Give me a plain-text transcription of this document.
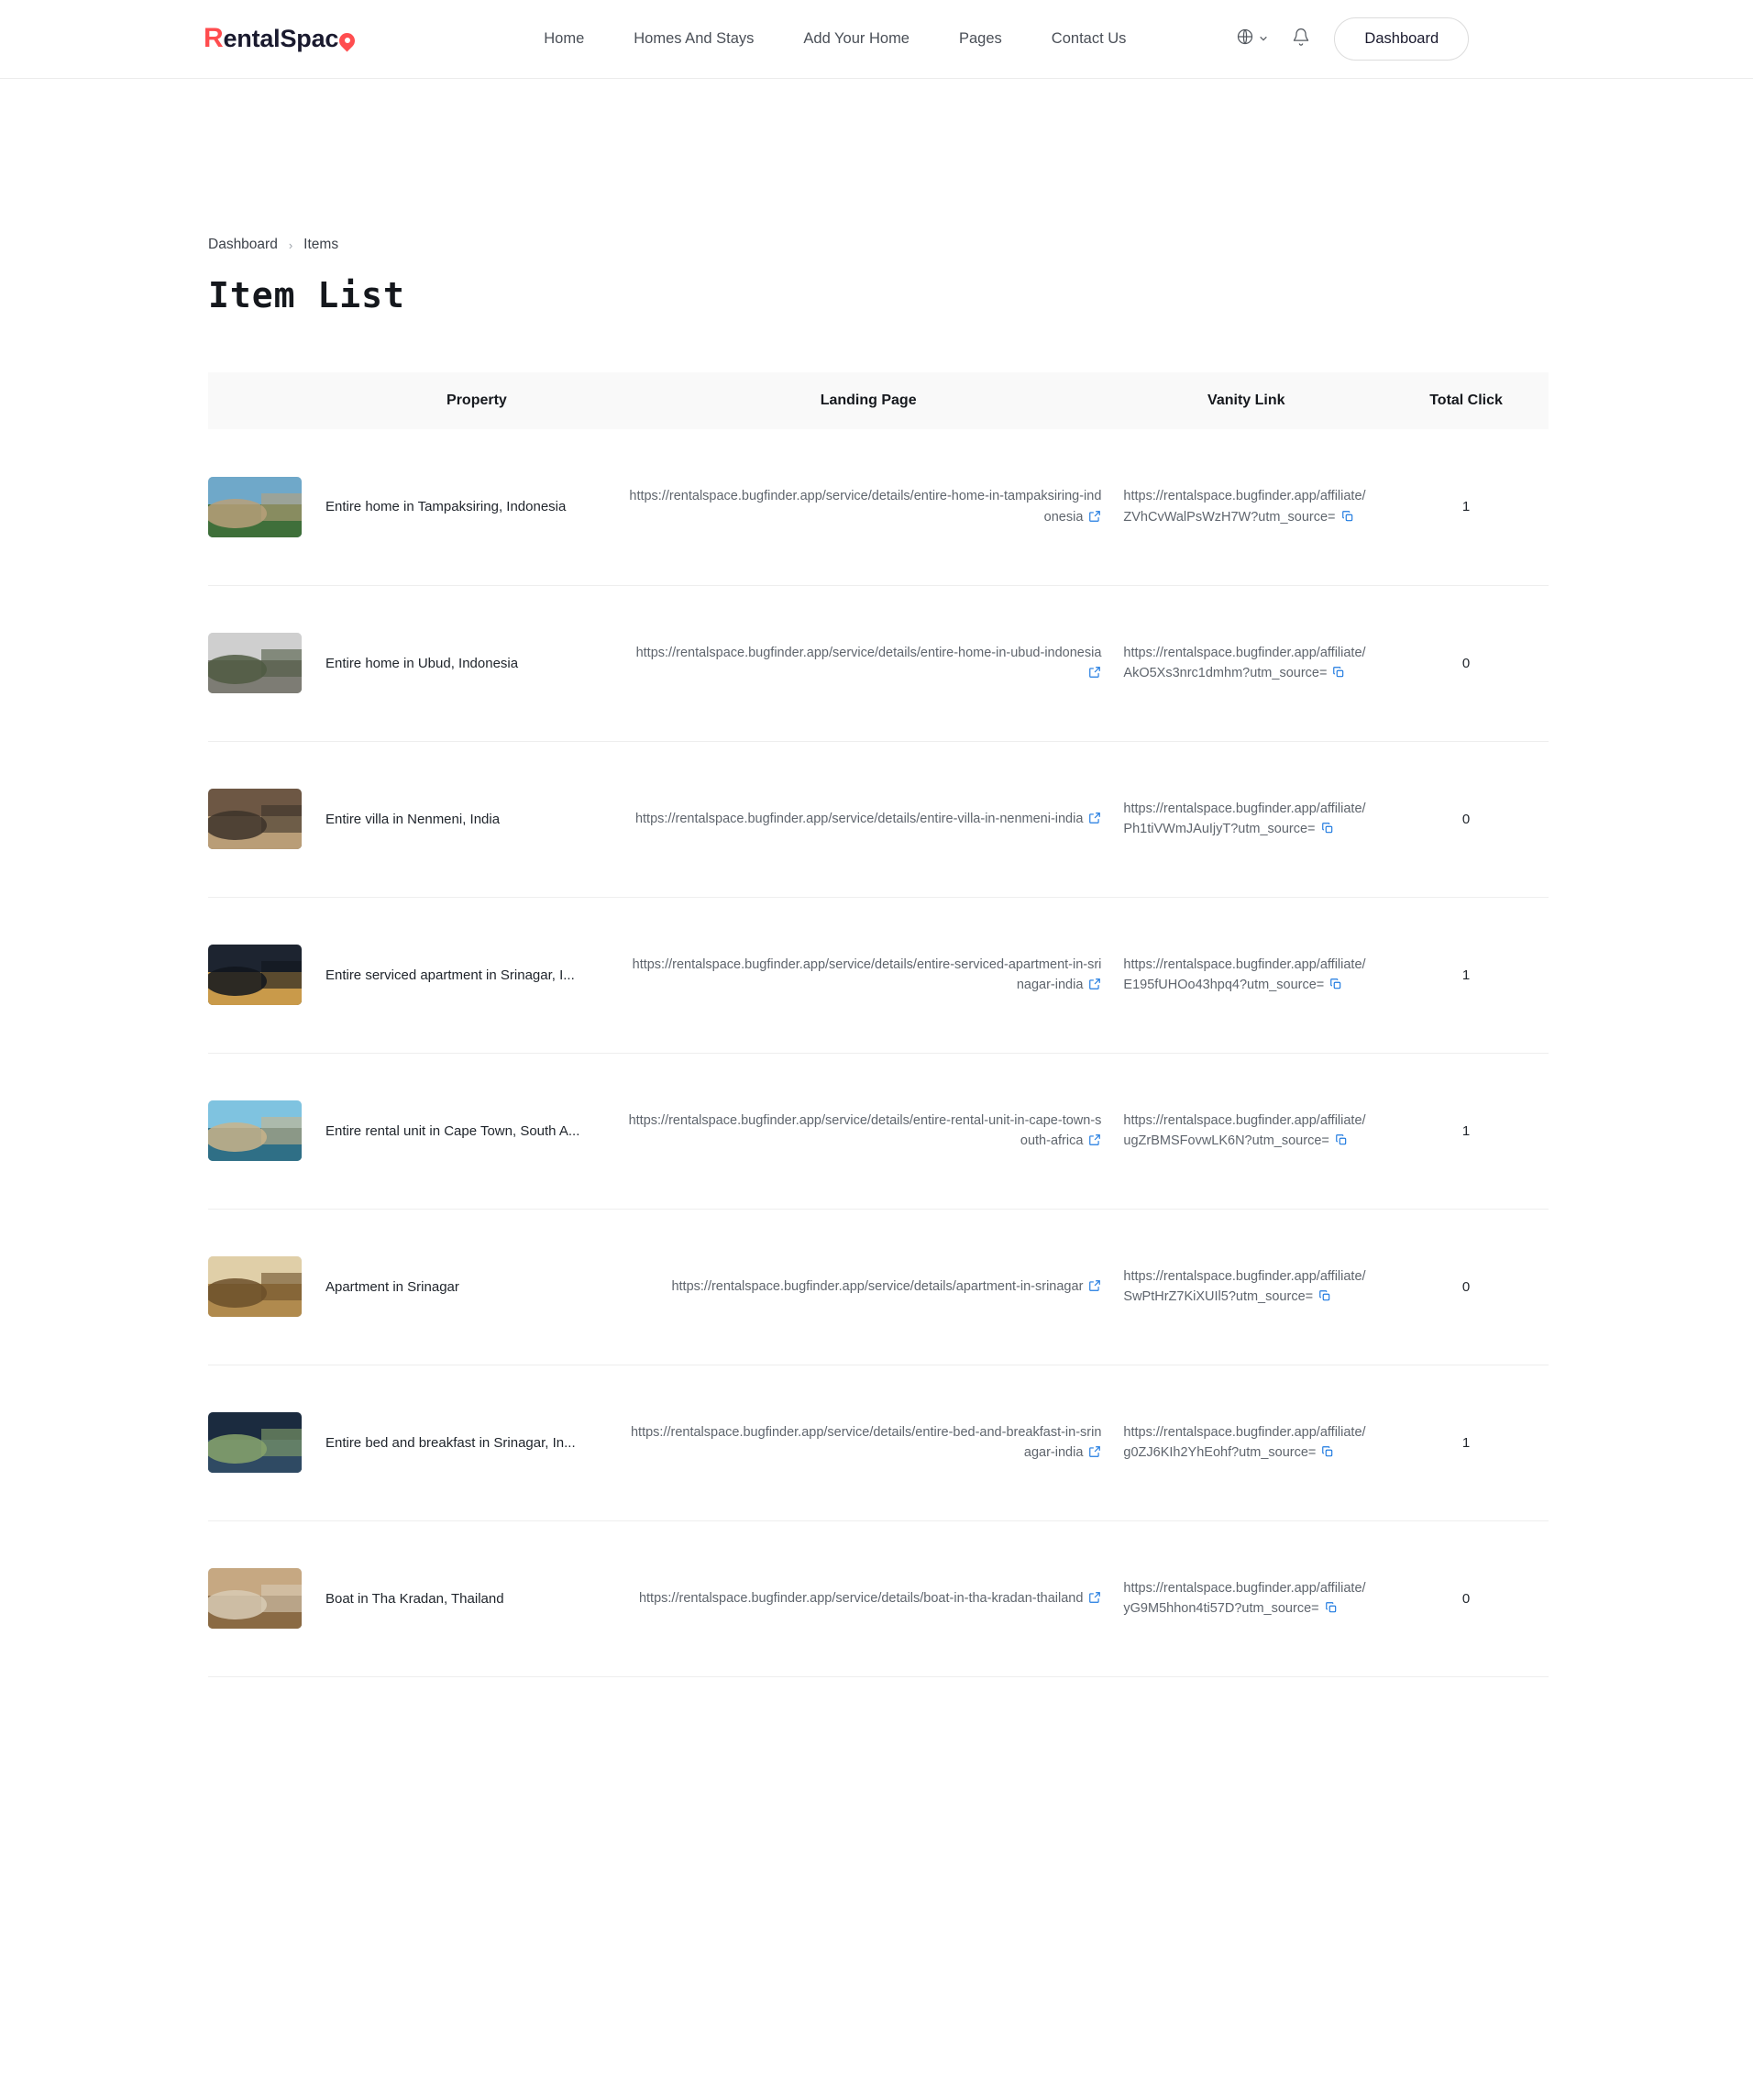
R entalSpac	Home	Homes And Stays	Add Your Home	Pages	Contact Us	Dashboard
Dashboard › Items
Item List
	Property	Landing Page	Vanity Link	Total Click

Entire home in Tampaksiring, Indonesia	https://rentalspace.bugfinder.app/service/details/entire-home-in-tampaksiring-indonesia	https://rentalspace.bugfinder.app/affiliate/ZVhCvWalPsWzH7W?utm_source=	1

Entire home in Ubud, Indonesia	https://rentalspace.bugfinder.app/service/details/entire-home-in-ubud-indonesia	https://rentalspace.bugfinder.app/affiliate/AkO5Xs3nrc1dmhm?utm_source=	0

Entire villa in Nenmeni, India	https://rentalspace.bugfinder.app/service/details/entire-villa-in-nenmeni-india	https://rentalspace.bugfinder.app/affiliate/Ph1tiVWmJAuIjyT?utm_source=	0

Entire serviced apartment in Srinagar, I...	https://rentalspace.bugfinder.app/service/details/entire-serviced-apartment-in-srinagar-india	https://rentalspace.bugfinder.app/affiliate/E195fUHOo43hpq4?utm_source=	1

Entire rental unit in Cape Town, South A...	https://rentalspace.bugfinder.app/service/details/entire-rental-unit-in-cape-town-south-africa	https://rentalspace.bugfinder.app/affiliate/ugZrBMSFovwLK6N?utm_source=	1

Apartment in Srinagar	https://rentalspace.bugfinder.app/service/details/apartment-in-srinagar	https://rentalspace.bugfinder.app/affiliate/SwPtHrZ7KiXUIl5?utm_source=	0

Entire bed and breakfast in Srinagar, In...	https://rentalspace.bugfinder.app/service/details/entire-bed-and-breakfast-in-srinagar-india	https://rentalspace.bugfinder.app/affiliate/g0ZJ6KIh2YhEohf?utm_source=	1

Boat in Tha Kradan, Thailand	https://rentalspace.bugfinder.app/service/details/boat-in-tha-kradan-thailand	https://rentalspace.bugfinder.app/affiliate/yG9M5hhon4ti57D?utm_source=	0
